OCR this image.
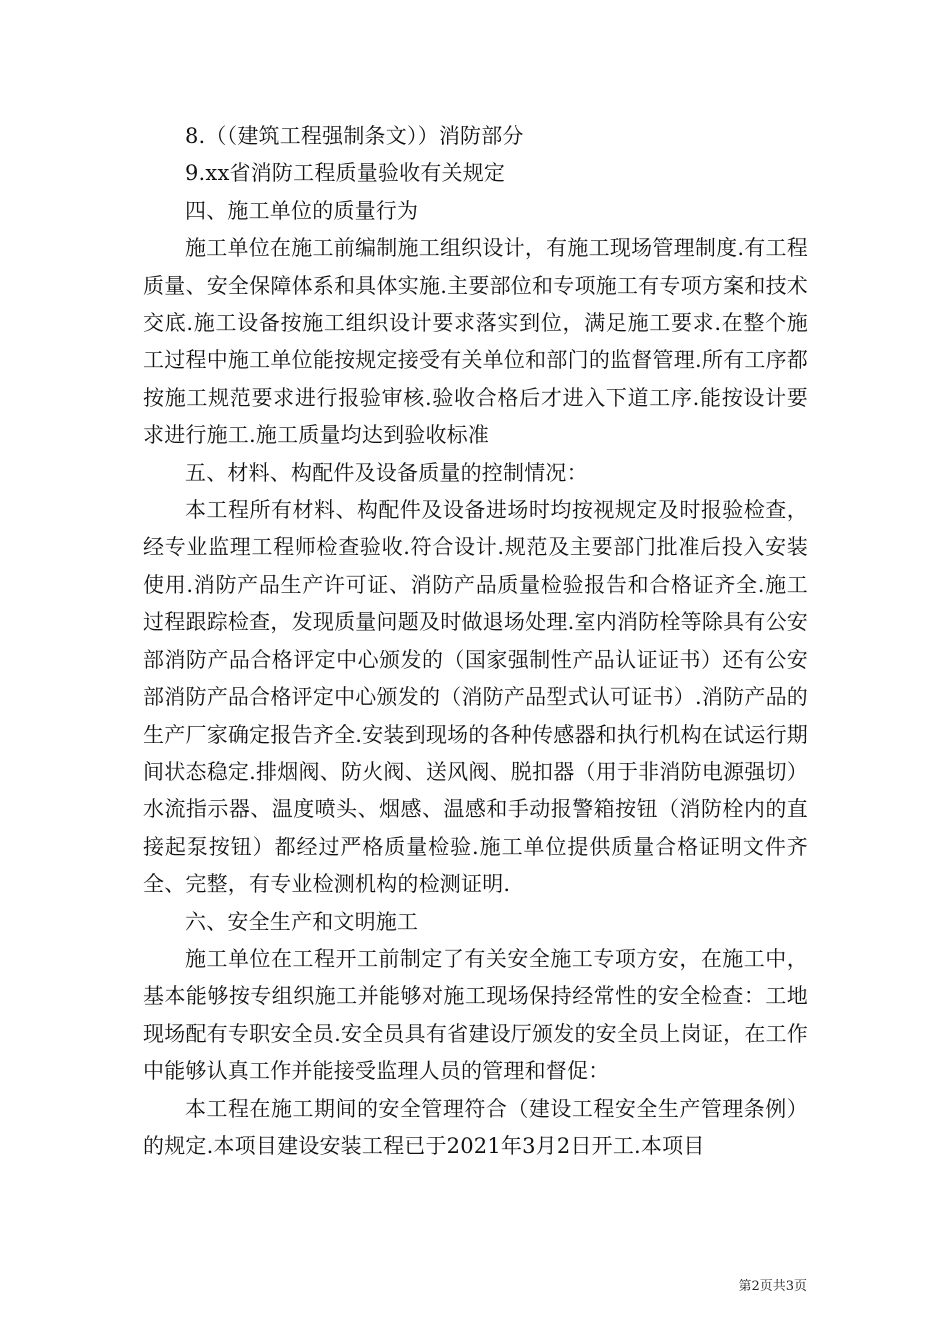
8.（（建筑工程强制条文））消防部分

9.xx省消防工程质量验收有关规定

四、施工单位的质量行为

施工单位在施工前编制施工组织设计，有施工现场管理制度.有工程质量、安全保障体系和具体实施.主要部位和专项施工有专项方案和技术交底.施工设备按施工组织设计要求落实到位，满足施工要求.在整个施工过程中施工单位能按规定接受有关单位和部门的监督管理.所有工序都按施工规范要求进行报验审核.验收合格后才进入下道工序.能按设计要求进行施工.施工质量均达到验收标准

五、材料、构配件及设备质量的控制情况：

本工程所有材料、构配件及设备进场时均按视规定及时报验检查，经专业监理工程师检查验收.符合设计.规范及主要部门批准后投入安装使用.消防产品生产许可证、消防产品质量检验报告和合格证齐全.施工过程跟踪检查，发现质量问题及时做退场处理.室内消防栓等除具有公安部消防产品合格评定中心颁发的（国家强制性产品认证证书）还有公安部消防产品合格评定中心颁发的（消防产品型式认可证书）.消防产品的生产厂家确定报告齐全.安装到现场的各种传感器和执行机构在试运行期间状态稳定.排烟阀、防火阀、送风阀、脱扣器（用于非消防电源强切）水流指示器、温度喷头、烟感、温感和手动报警箱按钮（消防栓内的直接起泵按钮）都经过严格质量检验.施工单位提供质量合格证明文件齐全、完整，有专业检测机构的检测证明.

六、安全生产和文明施工

施工单位在工程开工前制定了有关安全施工专项方安，在施工中，基本能够按专组织施工并能够对施工现场保持经常性的安全检查：工地现场配有专职安全员.安全员具有省建设厅颁发的安全员上岗证，在工作中能够认真工作并能接受监理人员的管理和督促：

本工程在施工期间的安全管理符合（建设工程安全生产管理条例）的规定.本项目建设安装工程已于2021年3月2日开工.本项目

第2页共3页
